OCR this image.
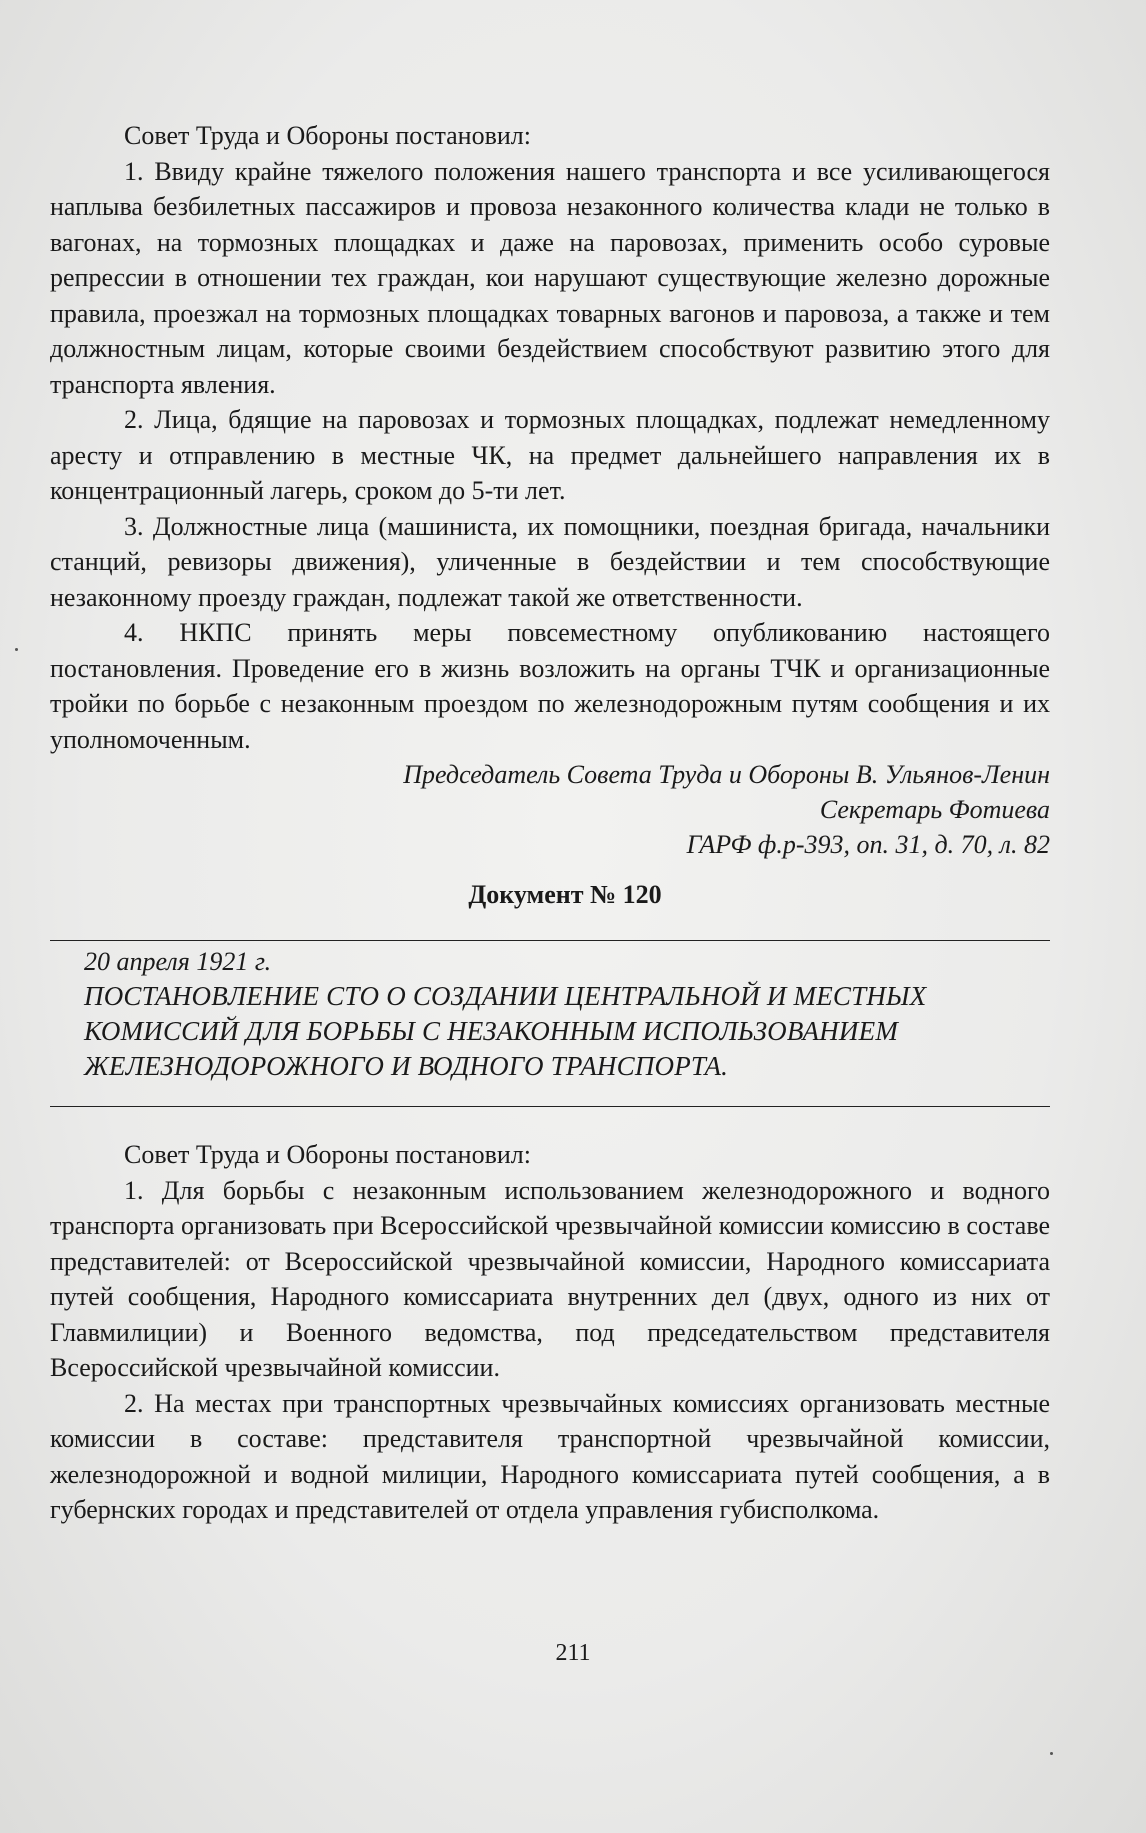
Совет Труда и Обороны постановил:

1. Ввиду крайне тяжелого положения нашего транспорта и все усиливающегося наплыва безбилетных пассажиров и провоза незаконного количества клади не только в вагонах, на тормозных площадках и даже на паровозах, применить особо суровые репрессии в отношении тех граждан, кои нарушают существующие железно дорожные правила, проезжал на тормозных площадках товарных вагонов и паровоза, а также и тем должностным лицам, которые своими бездействием способствуют развитию этого для транспорта явления.

2. Лица, бдящие на паровозах и тормозных площадках, подлежат немедленному аресту и отправлению в местные ЧК, на предмет дальнейшего направления их в концентрационный лагерь, сроком до 5-ти лет.

3. Должностные лица (машиниста, их помощники, поездная бригада, начальники станций, ревизоры движения), уличенные в бездействии и тем способствующие незаконному проезду граждан, подлежат такой же ответственности.

4. НКПС принять меры повсеместному опубликованию настоящего постановления. Проведение его в жизнь возложить на органы ТЧК и организационные тройки по борьбе с незаконным проездом по железнодорожным путям сообщения и их уполномоченным.

Председатель Совета Труда и Обороны В. Ульянов-Ленин

Секретарь Фотиева

ГАРФ ф.р-393, оп. 31, д. 70, л. 82

Документ № 120
20 апреля 1921 г.
ПОСТАНОВЛЕНИЕ СТО О СОЗДАНИИ ЦЕНТРАЛЬНОЙ И МЕСТНЫХ
КОМИССИЙ ДЛЯ БОРЬБЫ С НЕЗАКОННЫМ ИСПОЛЬЗОВАНИЕМ
ЖЕЛЕЗНОДОРОЖНОГО И ВОДНОГО ТРАНСПОРТА.

Совет Труда и Обороны постановил:

1. Для борьбы с незаконным использованием железнодорожного и водного транспорта организовать при Всероссийской чрезвычайной комиссии комиссию в составе представителей: от Всероссийской чрезвычайной комиссии, Народного комиссариата путей сообщения, Народного комиссариата внутренних дел (двух, одного из них от Главмилиции) и Военного ведомства, под председательством представителя Всероссийской чрезвычайной комиссии.

2. На местах при транспортных чрезвычайных комиссиях организовать местные комиссии в составе: представителя транспортной чрезвычайной комиссии, железнодорожной и водной милиции, Народного комиссариата путей сообщения, а в губернских городах и представителей от отдела управления губисполкома.

211
